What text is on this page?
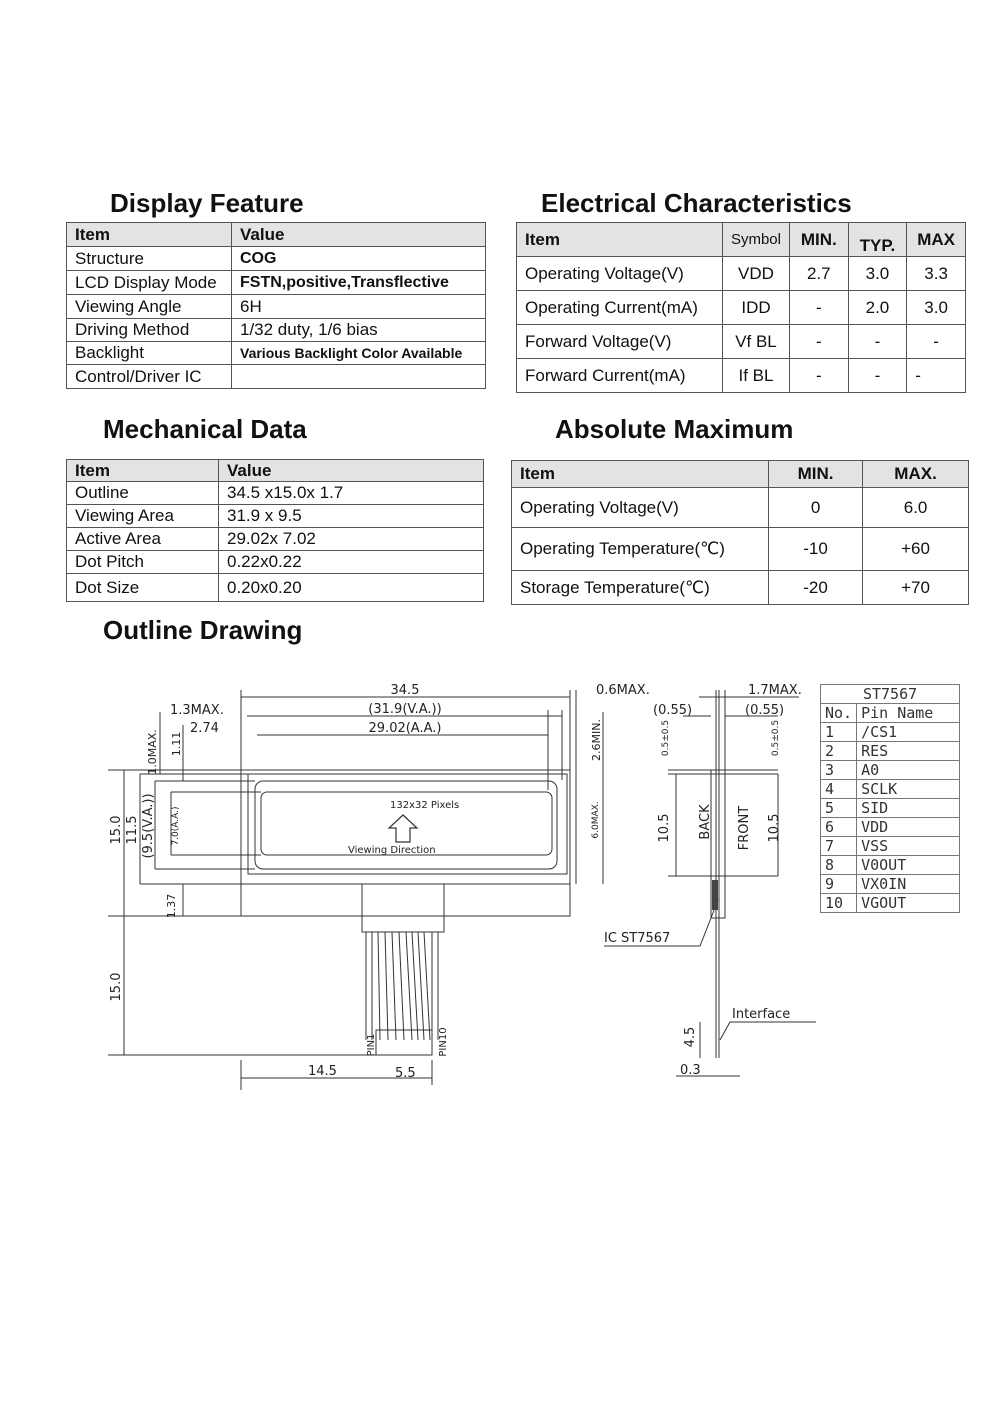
Display Feature
Item	Value
Structure	COG
LCD Display Mode	FSTN,positive,Transflective
Viewing Angle	6H
Driving Method	1/32 duty, 1/6 bias
Backlight	Various Backlight Color Available
Control/Driver IC	
Electrical Characteristics
Item	Symbol	MIN.	TYP.	MAX
Operating Voltage(V)	VDD	2.7	3.0	3.3
Operating Current(mA)	IDD	-	2.0	3.0
Forward Voltage(V)	Vf BL	-	-	-
Forward Current(mA)	If BL	-	-	-
Mechanical Data
Item	Value
Outline	34.5 x15.0x 1.7
Viewing Area	31.9 x 9.5
Active Area	29.02x 7.02
Dot Pitch	0.22x0.22
Dot Size	0.20x0.20
Absolute Maximum
Item	MIN.	MAX.
Operating Voltage(V)	0	6.0
Operating Temperature(℃)	-10	+60
Storage Temperature(℃)	-20	+70
Outline Drawing
34.5	0.6MAX.
1.3MAX.	(31.9(V.A.))
2.74	29.02(A.A.)
132x32 Pixels
Viewing Direction
14.5	5.5
1.7MAX.
(0.55)	(0.55)
IC ST7567
Interface
0.3
1.0MAX. 1.11
15.0 11.5 (9.5(V.A.)) 7.0(A.A.)
2.6MIN.
6.0MAX.
1.37
15.0
PIN1	PIN10
0.5±0.5	0.5±0.5
10.5	10.5
BACK FRONT
4.5
ST7567	
No.	Pin Name
1	/CS1
2	RES
3	A0
4	SCLK
5	SID
6	VDD
7	VSS
8	V0OUT
9	VX0IN
10	VGOUT
